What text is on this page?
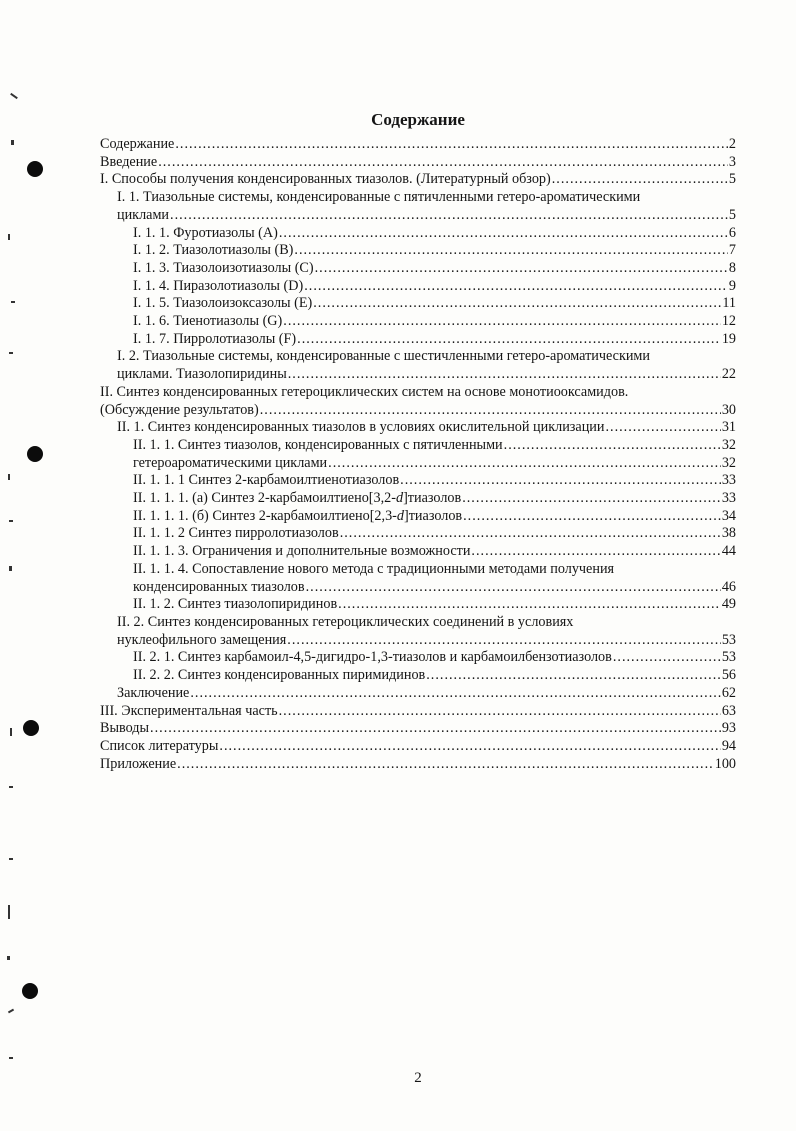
Содержание
Содержание .....	2
Введение .....	3
I. Способы получения конденсированных тиазолов. (Литературный обзор) .....	5
I. 1. Тиазольные системы, конденсированные с пятичленными гетеро-ароматическими
циклами .....	5
I. 1. 1. Фуротиазолы (A) .....	6
I. 1. 2. Тиазолотиазолы (B) .....	7
I. 1. 3. Тиазолоизотиазолы (C) .....	8
I. 1. 4. Пиразолотиазолы (D) .....	9
I. 1. 5. Тиазолоизоксазолы (E) .....	11
I. 1. 6. Тиенотиазолы (G) .....	12
I. 1. 7. Пирролотиазолы (F) .....	19
I. 2. Тиазольные системы, конденсированные с шестичленными гетеро-ароматическими
циклами. Тиазолопиридины .....	22
II. Синтез конденсированных гетероциклических систем на основе монотиооксамидов.
(Обсуждение результатов) .....	30
II. 1. Синтез конденсированных тиазолов в условиях окислительной циклизации .....	31
II. 1. 1. Синтез тиазолов, конденсированных с пятичленными .....	32
гетероароматическими циклами .....	32
II. 1. 1. 1 Синтез 2-карбамоилтиенотиазолов .....	33
II. 1. 1. 1. (а) Синтез 2-карбамоилтиено[3,2-d]тиазолов .....	33
II. 1. 1. 1. (б) Синтез 2-карбамоилтиено[2,3-d]тиазолов .....	34
II. 1. 1. 2 Синтез пирролотиазолов .....	38
II. 1. 1. 3. Ограничения и дополнительные возможности .....	44
II. 1. 1. 4. Сопоставление нового метода с традиционными методами получения
конденсированных тиазолов .....	46
II. 1. 2. Синтез тиазолопиридинов .....	49
II. 2. Синтез конденсированных гетероциклических соединений в условиях
нуклеофильного замещения .....	53
II. 2. 1. Синтез карбамоил-4,5-дигидро-1,3-тиазолов и карбамоилбензотиазолов .....	53
II. 2. 2. Синтез конденсированных пиримидинов .....	56
Заключение .....	62
III. Экспериментальная часть .....	63
Выводы .....	93
Список литературы .....	94
Приложение .....	100
2
